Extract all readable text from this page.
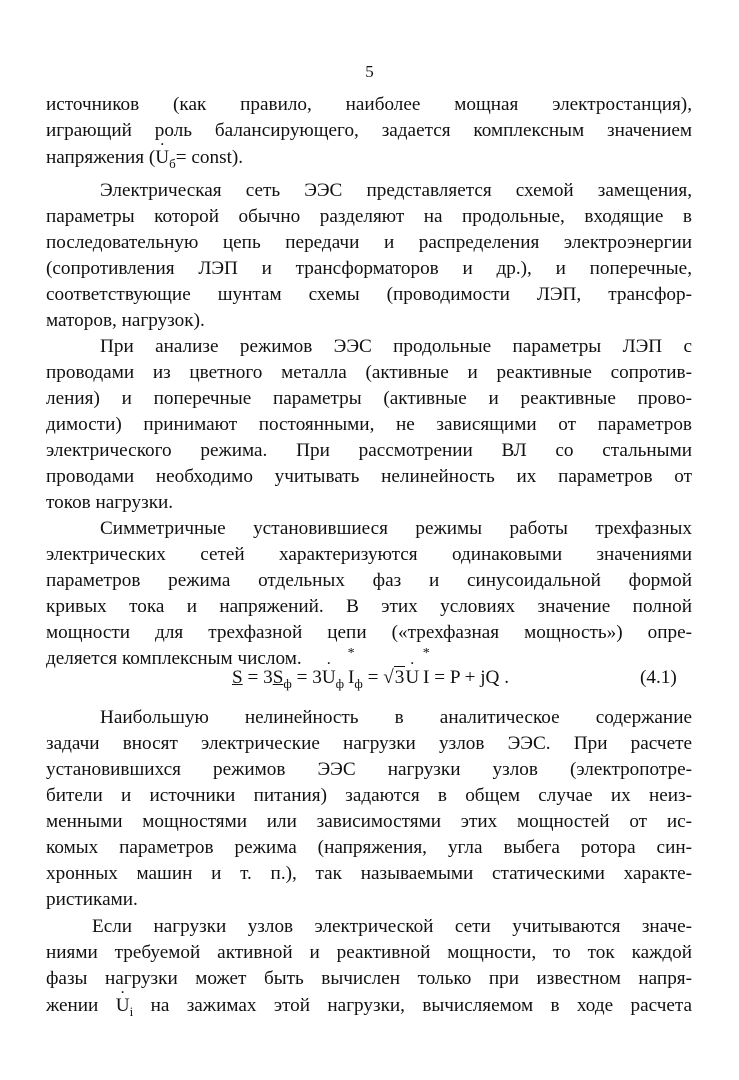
5
источников (как правило, наиболее мощная электростанция),
играющий роль балансирующего, задается комплексным значением
напряжения (U $._б=$ const).
Электрическая сеть ЭЭС представляется схемой замещения,
параметры которой обычно разделяют на продольные, входящие в
последовательную цепь передачи и распределения электроэнергии
(сопротивления ЛЭП и трансформаторов и др.), и поперечные,
соответствующие шунтам схемы (проводимости ЛЭП, трансфор-
маторов, нагрузок).
При анализе режимов ЭЭС продольные параметры ЛЭП с
проводами из цветного металла (активные и реактивные сопротив-
ления) и поперечные параметры (активные и реактивные прово-
димости) принимают постоянными, не зависящими от параметров
электрического режима. При рассмотрении ВЛ со стальными
проводами необходимо учитывать нелинейность их параметров от
токов нагрузки.
Симметричные установившиеся режимы работы трехфазных
электрических сетей характеризуются одинаковыми значениями
параметров режима отдельных фаз и синусоидальной формой
кривых тока и напряжений. В этих условиях значение полной
мощности для трехфазной цепи («трехфазная мощность») опре-
деляется комплексным числом.
$S = 3S_ф = 3U$ $._ф$  I $*_ф = √3U$ .  I * = P + jQ .	(4.1)
Наибольшую нелинейность в аналитическое содержание
задачи вносят электрические нагрузки узлов ЭЭС. При расчете
установившихся режимов ЭЭС нагрузки узлов (электропотре-
бители и источники питания) задаются в общем случае их неиз-
менными мощностями или зависимостями этих мощностей от ис-
комых параметров режима (напряжения, угла выбега ротора син-
хронных машин и т. п.), так называемыми статическими характе-
ристиками.
Если нагрузки узлов электрической сети учитываются значе-
ниями требуемой активной и реактивной мощности, то ток каждой
фазы нагрузки может быть вычислен только при известном напря-
жении U $._i$ на зажимах этой нагрузки, вычисляемом в ходе расчета
